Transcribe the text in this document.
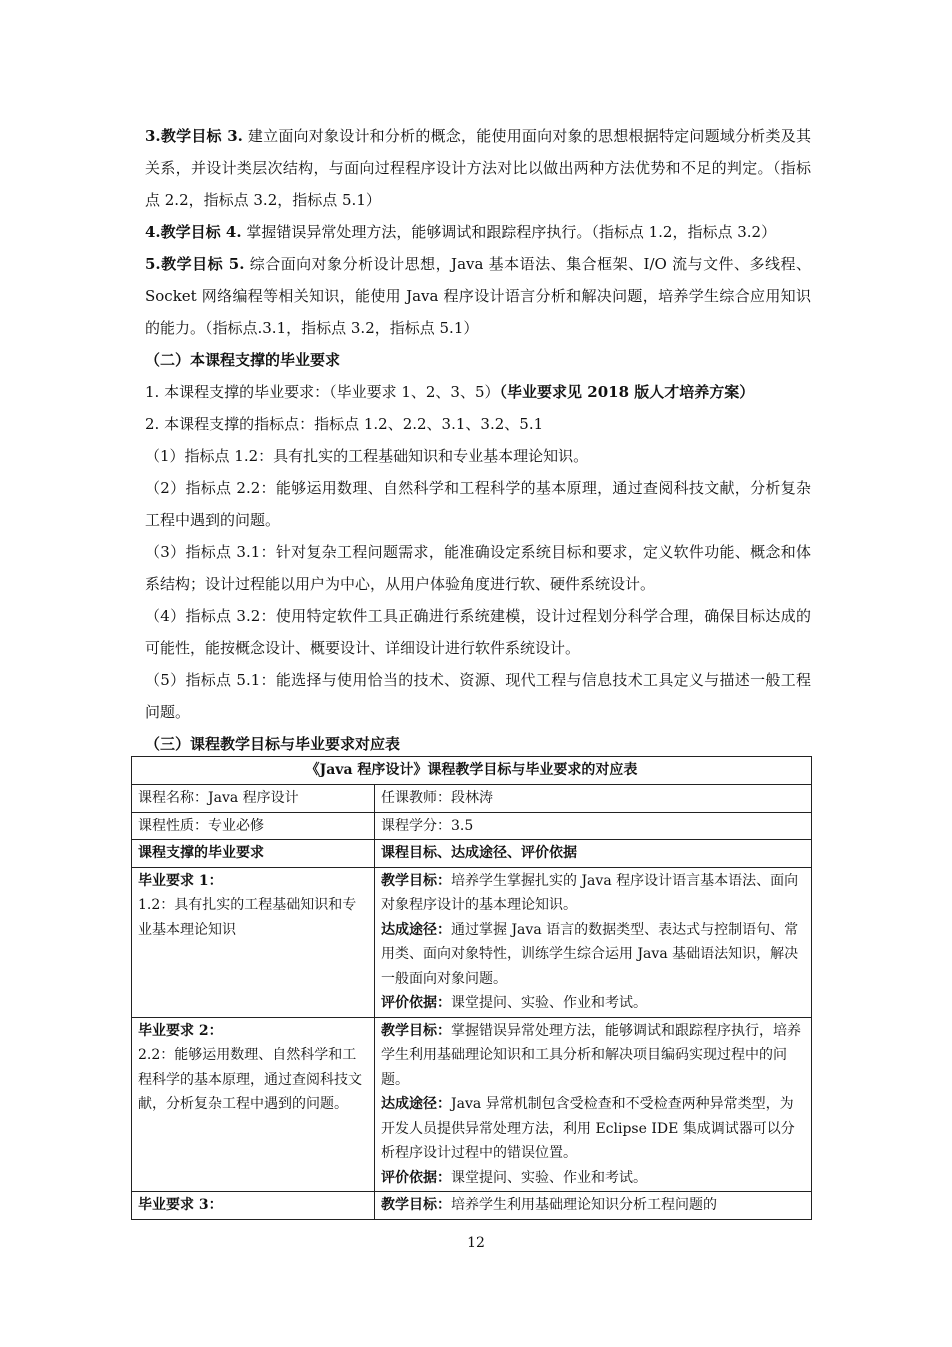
3.教学目标 3. 建立面向对象设计和分析的概念，能使用面向对象的思想根据特定问题域分析类及其关系，并设计类层次结构，与面向过程程序设计方法对比以做出两种方法优势和不足的判定。（指标点 2.2，指标点 3.2，指标点 5.1）

4.教学目标 4. 掌握错误异常处理方法，能够调试和跟踪程序执行。（指标点 1.2，指标点 3.2）

5.教学目标 5. 综合面向对象分析设计思想，Java 基本语法、集合框架、I/O 流与文件、多线程、Socket 网络编程等相关知识，能使用 Java 程序设计语言分析和解决问题，培养学生综合应用知识的能力。（指标点.3.1，指标点 3.2，指标点 5.1）

（二）本课程支撑的毕业要求

1. 本课程支撑的毕业要求：（毕业要求 1、2、3、5）（毕业要求见 2018 版人才培养方案）

2. 本课程支撑的指标点：指标点 1.2、2.2、3.1、3.2、5.1

（1）指标点 1.2：具有扎实的工程基础知识和专业基本理论知识。

（2）指标点 2.2：能够运用数理、自然科学和工程科学的基本原理，通过查阅科技文献，分析复杂工程中遇到的问题。

（3）指标点 3.1：针对复杂工程问题需求，能准确设定系统目标和要求，定义软件功能、概念和体系结构；设计过程能以用户为中心，从用户体验角度进行软、硬件系统设计。

（4）指标点 3.2：使用特定软件工具正确进行系统建模，设计过程划分科学合理，确保目标达成的可能性，能按概念设计、概要设计、详细设计进行软件系统设计。

（5）指标点 5.1：能选择与使用恰当的技术、资源、现代工程与信息技术工具定义与描述一般工程问题。

（三）课程教学目标与毕业要求对应表

《Java 程序设计》课程教学目标与毕业要求的对应表	
课程名称：Java 程序设计	任课教师：段林涛
课程性质：专业必修	课程学分：3.5
课程支撑的毕业要求	课程目标、达成途径、评价依据

毕业要求 1：
1.2：具有扎实的工程基础知识和专业基本理论知识	教学目标：培养学生掌握扎实的 Java 程序设计语言基本语法、面向对象程序设计的基本理论知识。
达成途径：通过掌握 Java 语言的数据类型、表达式与控制语句、常用类、面向对象特性，训练学生综合运用 Java 基础语法知识，解决一般面向对象问题。
评价依据：课堂提问、实验、作业和考试。

毕业要求 2：
2.2：能够运用数理、自然科学和工程科学的基本原理，通过查阅科技文献，分析复杂工程中遇到的问题。	教学目标：掌握错误异常处理方法，能够调试和跟踪程序执行，培养学生利用基础理论知识和工具分析和解决项目编码实现过程中的问题。
达成途径：Java 异常机制包含受检查和不受检查两种异常类型，为开发人员提供异常处理方法，利用 Eclipse IDE 集成调试器可以分析程序设计过程中的错误位置。
评价依据：课堂提问、实验、作业和考试。

毕业要求 3：	教学目标：培养学生利用基础理论知识分析工程问题的
12
